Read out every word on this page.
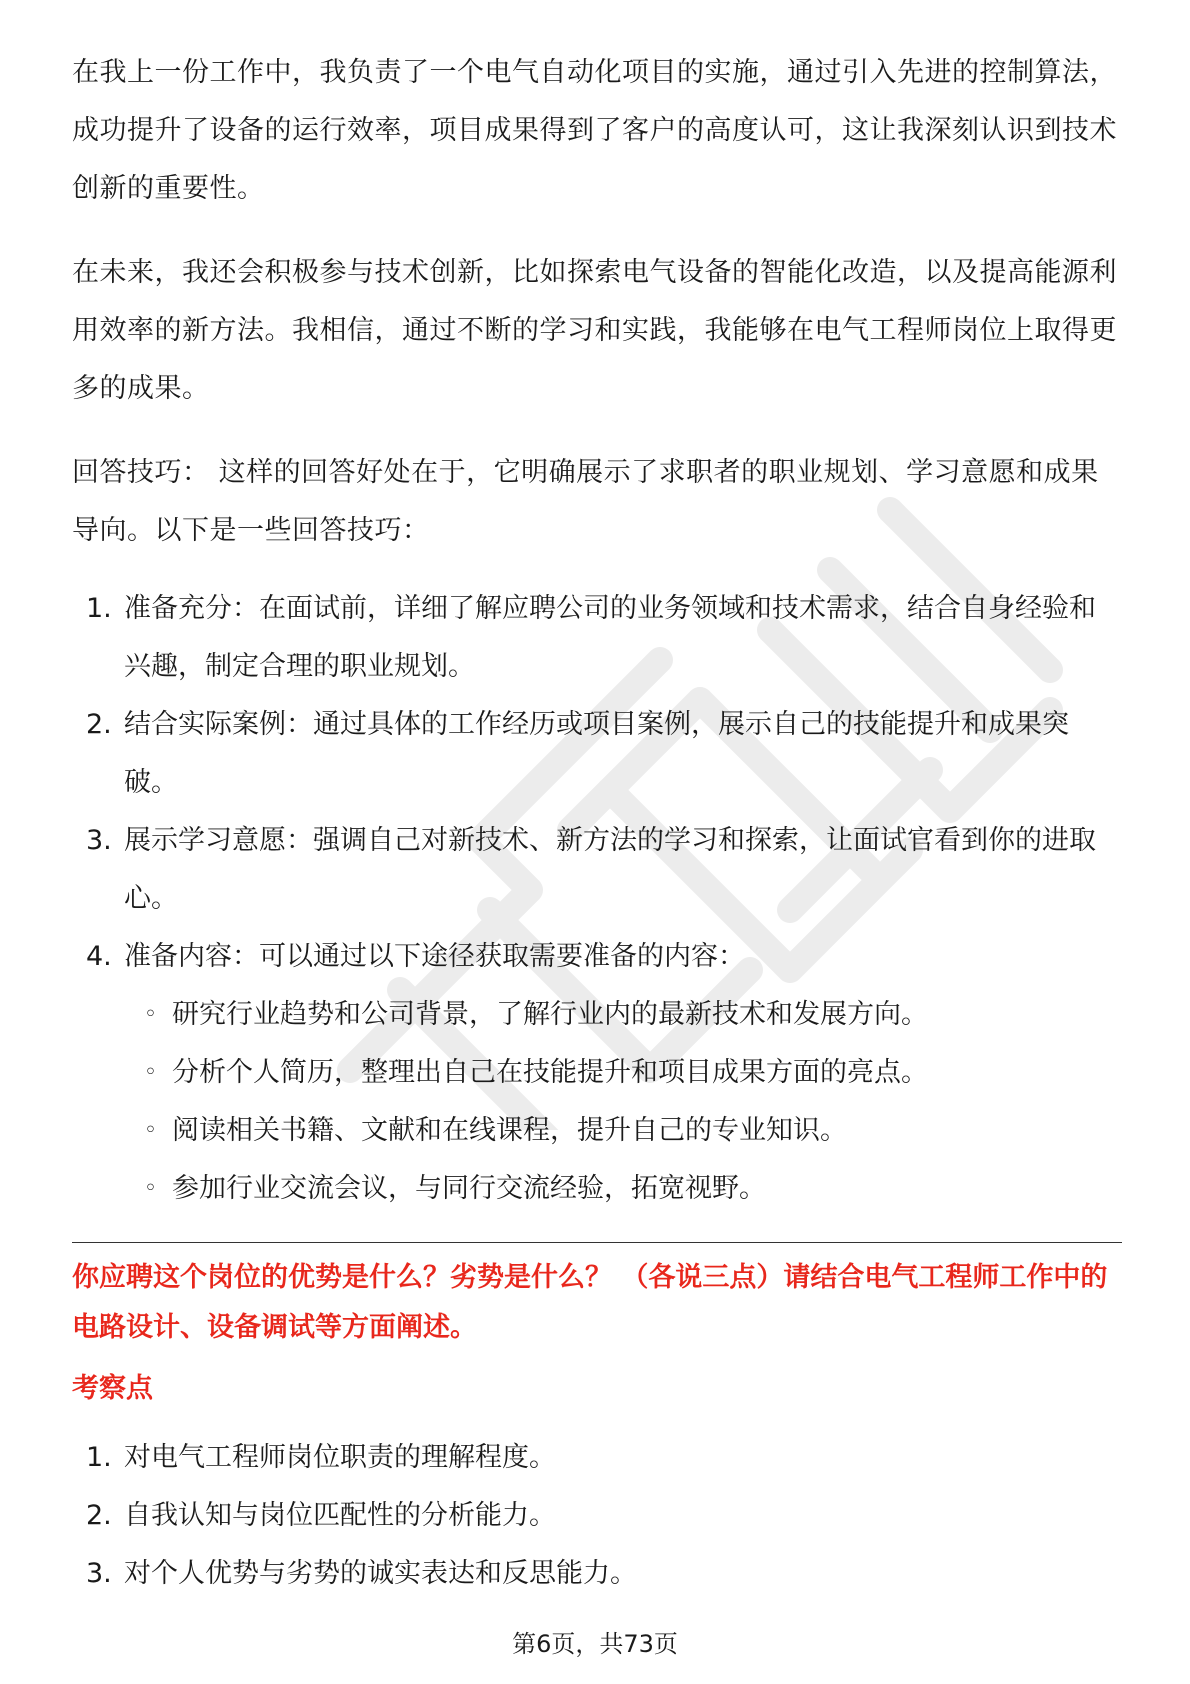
在我上一份工作中，我负责了一个电气自动化项目的实施，通过引入先进的控制算法，成功提升了设备的运行效率，项目成果得到了客户的高度认可，这让我深刻认识到技术创新的重要性。

在未来，我还会积极参与技术创新，比如探索电气设备的智能化改造，以及提高能源利用效率的新方法。我相信，通过不断的学习和实践，我能够在电气工程师岗位上取得更多的成果。

回答技巧： 这样的回答好处在于，它明确展示了求职者的职业规划、学习意愿和成果导向。以下是一些回答技巧：

1. 准备充分：在面试前，详细了解应聘公司的业务领域和技术需求，结合自身经验和兴趣，制定合理的职业规划。
2. 结合实际案例：通过具体的工作经历或项目案例，展示自己的技能提升和成果突破。
3. 展示学习意愿：强调自己对新技术、新方法的学习和探索，让面试官看到你的进取心。
4. 准备内容：可以通过以下途径获取需要准备的内容：
◦ 研究行业趋势和公司背景，了解行业内的最新技术和发展方向。
◦ 分析个人简历，整理出自己在技能提升和项目成果方面的亮点。
◦ 阅读相关书籍、文献和在线课程，提升自己的专业知识。
◦ 参加行业交流会议，与同行交流经验，拓宽视野。

你应聘这个岗位的优势是什么？劣势是什么？ （各说三点）请结合电气工程师工作中的电路设计、设备调试等方面阐述。

考察点

1. 对电气工程师岗位职责的理解程度。
2. 自我认知与岗位匹配性的分析能力。
3. 对个人优势与劣势的诚实表达和反思能力。
第6页，共73页
